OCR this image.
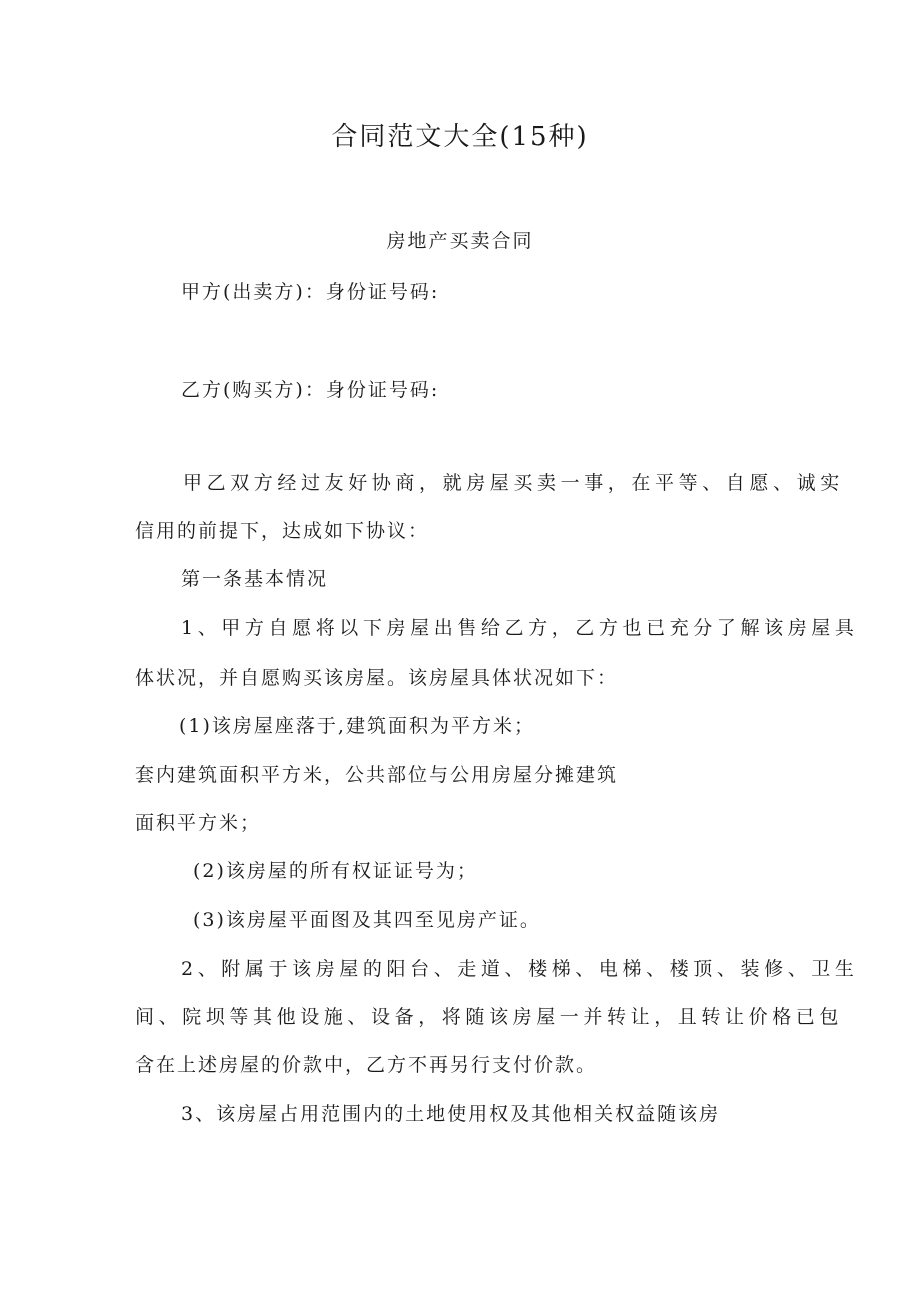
合同范文大全(15种)
房地产买卖合同
甲方(出卖方)：身份证号码:
乙方(购买方)：身份证号码:
甲乙双方经过友好协商，就房屋买卖一事，在平等、自愿、诚实
信用的前提下，达成如下协议：
第一条基本情况
1、甲方自愿将以下房屋出售给乙方，乙方也已充分了解该房屋具
体状况，并自愿购买该房屋。该房屋具体状况如下：
(1)该房屋座落于,建筑面积为平方米；
套内建筑面积平方米，公共部位与公用房屋分摊建筑
面积平方米；
(2)该房屋的所有权证证号为；
(3)该房屋平面图及其四至见房产证。
2、附属于该房屋的阳台、走道、楼梯、电梯、楼顶、装修、卫生
间、院坝等其他设施、设备，将随该房屋一并转让，且转让价格已包
含在上述房屋的价款中，乙方不再另行支付价款。
3、该房屋占用范围内的土地使用权及其他相关权益随该房
